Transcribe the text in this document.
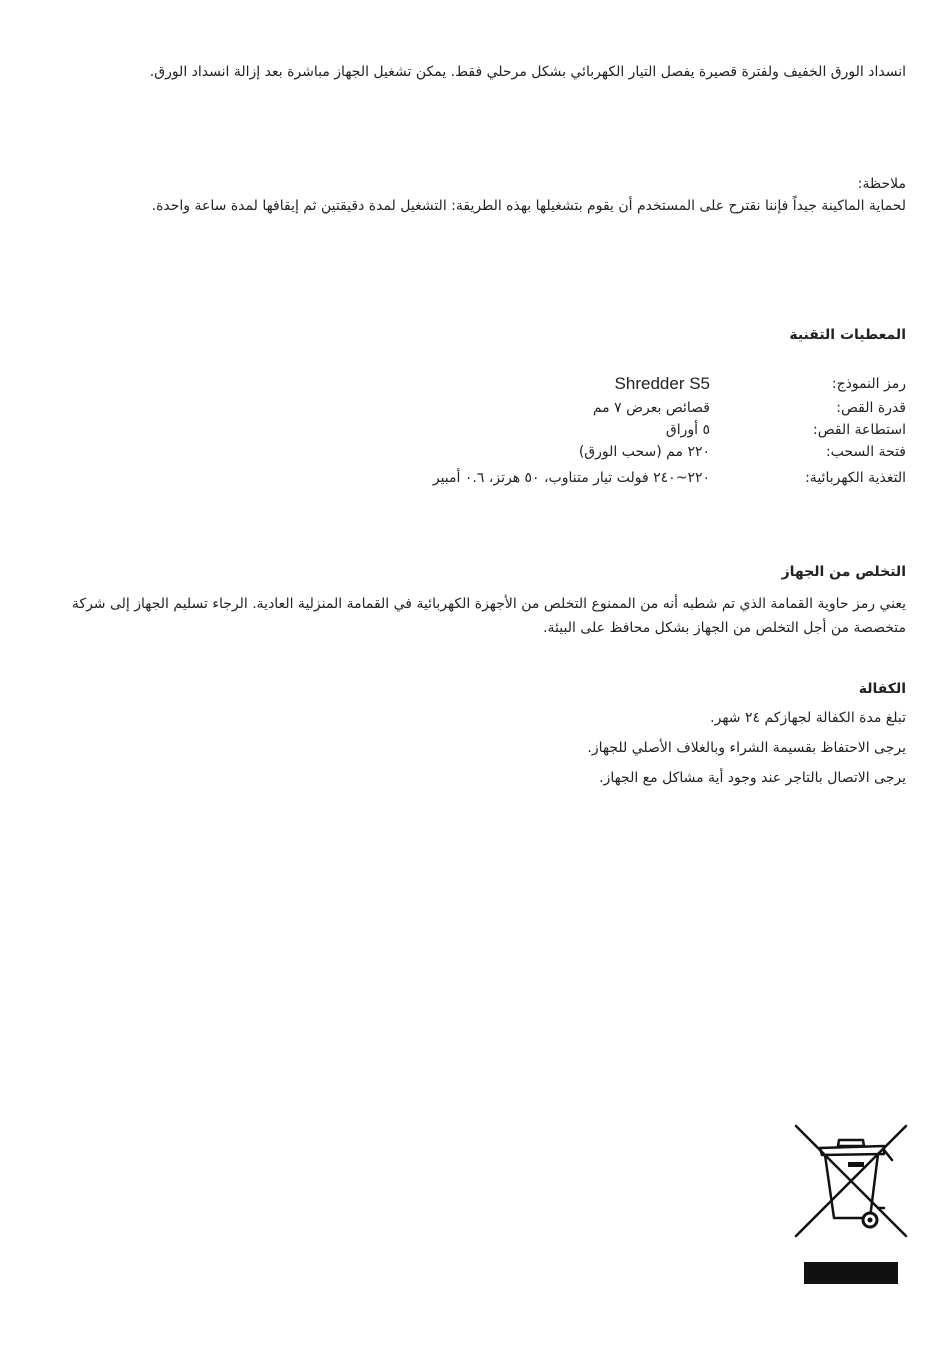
انسداد الورق الخفيف ولفترة قصيرة يفصل التيار الكهربائي بشكل مرحلي فقط. يمكن تشغيل الجهاز مباشرة بعد إزالة انسداد الورق.
ملاحظة:
لحماية الماكينة جيداً فإننا نقترح على المستخدم أن يقوم بتشغيلها بهذه الطريقة: التشغيل لمدة دقيقتين ثم إيقافها لمدة ساعة واحدة.
المعطيات التقنية
رمز النموذج:
Shredder S5
قدرة القص:
قصائص بعرض ٧ مم
استطاعة القص:
٥ أوراق
فتحة السحب:
٢٢٠ مم (سحب الورق)
التغذية الكهربائية:
٢٢٠~٢٤٠ فولت تيار متناوب، ٥٠ هرتز، ٠.٦ أمبير
التخلص من الجهاز
يعني رمز حاوية القمامة الذي تم شطبه أنه من الممنوع التخلص من الأجهزة الكهربائية في القمامة المنزلية العادية. الرجاء تسليم الجهاز إلى شركة متخصصة من أجل التخلص من الجهاز بشكل محافظ على البيئة.
الكفالة
تبلغ مدة الكفالة لجهازكم ٢٤ شهر.
يرجى الاحتفاظ بقسيمة الشراء وبالغلاف الأصلي للجهاز.
يرجى الاتصال بالتاجر عند وجود أية مشاكل مع الجهاز.
